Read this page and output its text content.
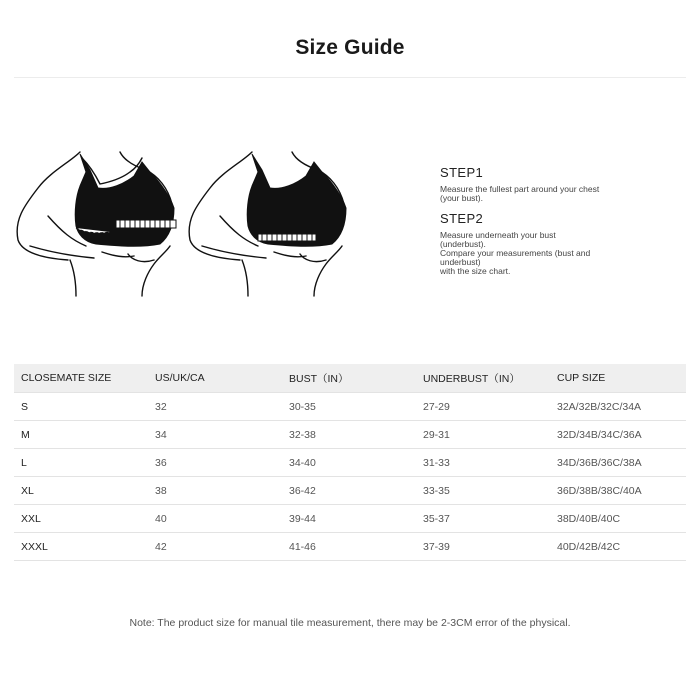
Size Guide
STEP1
Measure the fullest part around your chest
(your bust).
STEP2
Measure underneath your bust
(underbust).
Compare your measurements (bust and
underbust)
with the size chart.
CLOSEMATE SIZE	US/UK/CA	BUST（IN）	UNDERBUST（IN）	CUP SIZE
S	32	30-35	27-29	32A/32B/32C/34A
M	34	32-38	29-31	32D/34B/34C/36A
L	36	34-40	31-33	34D/36B/36C/38A
XL	38	36-42	33-35	36D/38B/38C/40A
XXL	40	39-44	35-37	38D/40B/40C
XXXL	42	41-46	37-39	40D/42B/42C
Note: The product size for manual tile measurement, there may be 2-3CM error of the physical.
